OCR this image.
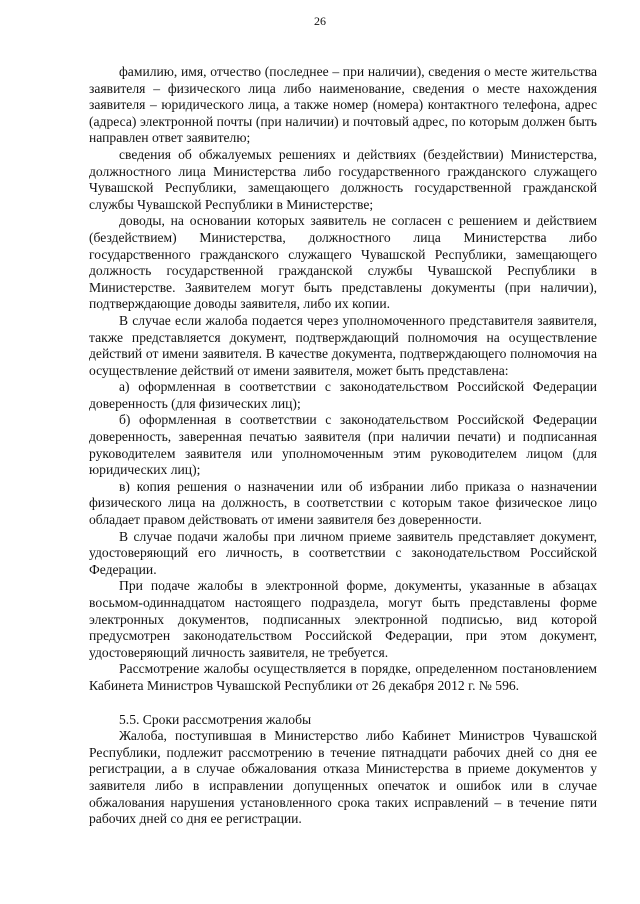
26

фамилию, имя, отчество (последнее – при наличии), сведения о месте жительства заявителя – физического лица либо наименование, сведения о месте нахождения заявителя – юридического лица, а также номер (номера) контактного телефона, адрес (адреса) электронной почты (при наличии) и почтовый адрес, по которым должен быть направлен ответ заявителю;

сведения об обжалуемых решениях и действиях (бездействии) Министерства, должностного лица Министерства либо государственного гражданского служащего Чувашской Республики, замещающего должность государственной гражданской службы Чувашской Республики в Министерстве;

доводы, на основании которых заявитель не согласен с решением и действием (бездействием) Министерства, должностного лица Министерства либо государственного гражданского служащего Чувашской Республики, замещающего должность государственной гражданской службы Чувашской Республики в Министерстве. Заявителем могут быть представлены документы (при наличии), подтверждающие доводы заявителя, либо их копии.

В случае если жалоба подается через уполномоченного представителя заявителя, также представляется документ, подтверждающий полномочия на осуществление действий от имени заявителя. В качестве документа, подтверждающего полномочия на осуществление действий от имени заявителя, может быть представлена:

а) оформленная в соответствии с законодательством Российской Федерации доверенность (для физических лиц);

б) оформленная в соответствии с законодательством Российской Федерации доверенность, заверенная печатью заявителя (при наличии печати) и подписанная руководителем заявителя или уполномоченным этим руководителем лицом (для юридических лиц);

в) копия решения о назначении или об избрании либо приказа о назначении физического лица на должность, в соответствии с которым такое физическое лицо обладает правом действовать от имени заявителя без доверенности.

В случае подачи жалобы при личном приеме заявитель представляет документ, удостоверяющий его личность, в соответствии с законодательством Российской Федерации.

При подаче жалобы в электронной форме, документы, указанные в абзацах восьмом-одиннадцатом настоящего подраздела, могут быть представлены форме электронных документов, подписанных электронной подписью, вид которой предусмотрен законодательством Российской Федерации, при этом документ, удостоверяющий личность заявителя, не требуется.

Рассмотрение жалобы осуществляется в порядке, определенном постановлением Кабинета Министров Чувашской Республики от 26 декабря 2012 г. № 596.

5.5. Сроки рассмотрения жалобы

Жалоба, поступившая в Министерство либо Кабинет Министров Чувашской Республики, подлежит рассмотрению в течение пятнадцати рабочих дней со дня ее регистрации, а в случае обжалования отказа Министерства в приеме документов у заявителя либо в исправлении допущенных опечаток и ошибок или в случае обжалования нарушения установленного срока таких исправлений – в течение пяти рабочих дней со дня ее регистрации.
